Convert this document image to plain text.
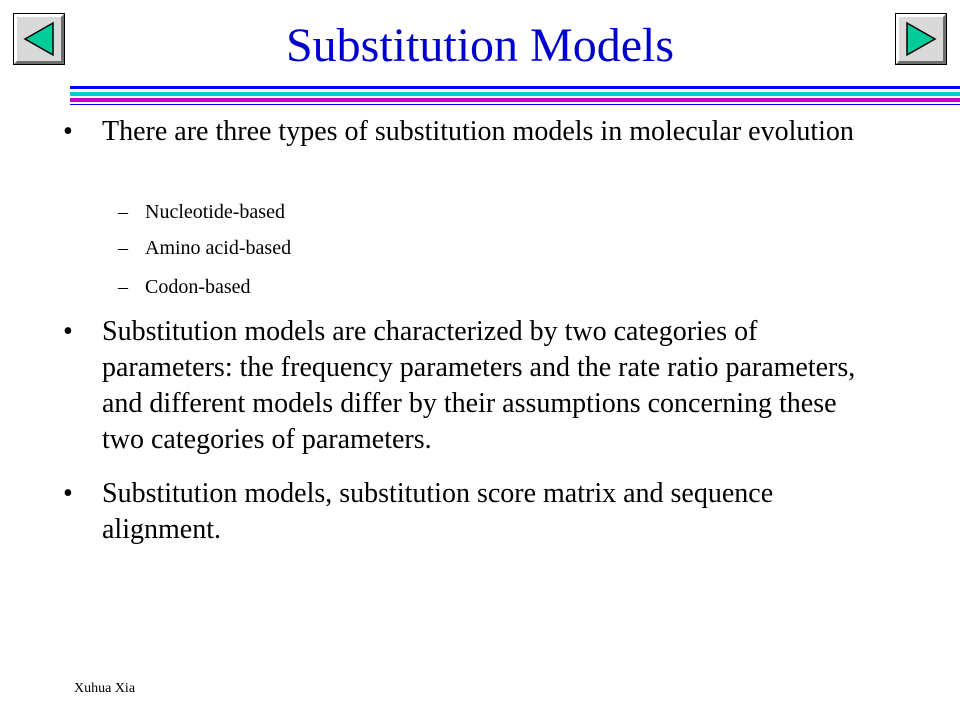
Substitution Models
• There are three types of substitution models in molecular evolution
– Nucleotide-based
– Amino acid-based
– Codon-based
• Substitution models are characterized by two categories of parameters: the frequency parameters and the rate ratio parameters, and different models differ by their assumptions concerning these two categories of parameters.
• Substitution models, substitution score matrix and sequence alignment.
Xuhua Xia
